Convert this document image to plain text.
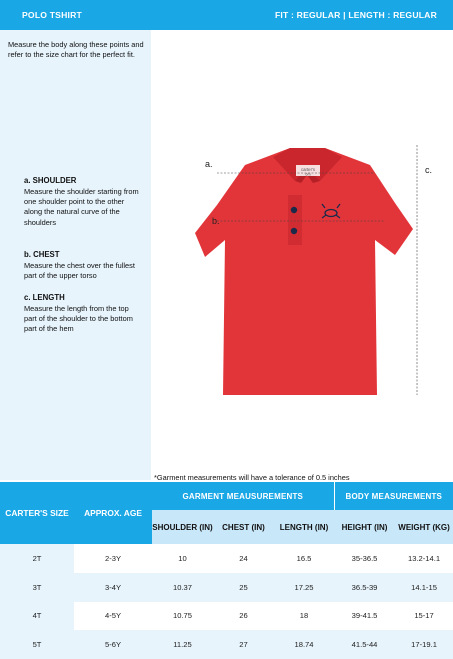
POLO TSHIRT	FIT : REGULAR | LENGTH : REGULAR

Measure the body along these points and refer to the size chart for the perfect fit.

a. SHOULDER
Measure the shoulder starting from one shoulder point to the other along the natural curve of the shoulders
b. CHEST
Measure the chest over the fullest part of the upper torso
c. LENGTH
Measure the length from the top part of the shoulder to the bottom part of the hem
carter's
6m
a.
b.
c.

*Garment measurements will have a tolerance of 0.5 inches

CARTER'S SIZE	APPROX. AGE	GARMENT MEAUSUREMENTS			BODY MEASUREMENTS	
		SHOULDER (IN)	CHEST (IN)	LENGTH (IN)	HEIGHT (IN)	WEIGHT (KG)
2T	2-3Y	10	24	16.5	35-36.5	13.2-14.1
3T	3-4Y	10.37	25	17.25	36.5-39	14.1-15
4T	4-5Y	10.75	26	18	39-41.5	15-17
5T	5-6Y	11.25	27	18.74	41.5-44	17-19.1
